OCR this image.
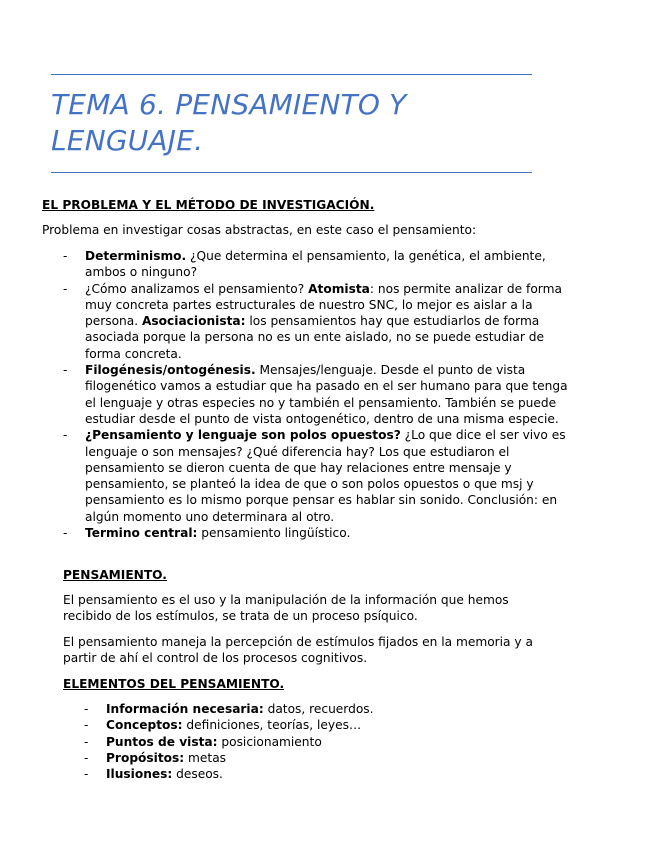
TEMA 6. PENSAMIENTO Y
LENGUAJE.
EL PROBLEMA Y EL MÉTODO DE INVESTIGACIÓN.
Problema en investigar cosas abstractas, en este caso el pensamiento:
- Determinismo. ¿Que determina el pensamiento, la genética, el ambiente, ambos o ninguno?
- ¿Cómo analizamos el pensamiento? Atomista: nos permite analizar de forma muy concreta partes estructurales de nuestro SNC, lo mejor es aislar a la persona. Asociacionista: los pensamientos hay que estudiarlos de forma asociada porque la persona no es un ente aislado, no se puede estudiar de forma concreta.
- Filogénesis/ontogénesis. Mensajes/lenguaje. Desde el punto de vista filogenético vamos a estudiar que ha pasado en el ser humano para que tenga el lenguaje y otras especies no y también el pensamiento. También se puede estudiar desde el punto de vista ontogenético, dentro de una misma especie.
- ¿Pensamiento y lenguaje son polos opuestos? ¿Lo que dice el ser vivo es lenguaje o son mensajes? ¿Qué diferencia hay? Los que estudiaron el pensamiento se dieron cuenta de que hay relaciones entre mensaje y pensamiento, se planteó la idea de que o son polos opuestos o que msj y pensamiento es lo mismo porque pensar es hablar sin sonido. Conclusión: en algún momento uno determinara al otro.
- Termino central: pensamiento lingüístico.
PENSAMIENTO.
El pensamiento es el uso y la manipulación de la información que hemos recibido de los estímulos, se trata de un proceso psíquico.
El pensamiento maneja la percepción de estímulos fijados en la memoria y a partir de ahí el control de los procesos cognitivos.
ELEMENTOS DEL PENSAMIENTO.
- Información necesaria: datos, recuerdos.
- Conceptos: definiciones, teorías, leyes…
- Puntos de vista: posicionamiento
- Propósitos: metas
- Ilusiones: deseos.
